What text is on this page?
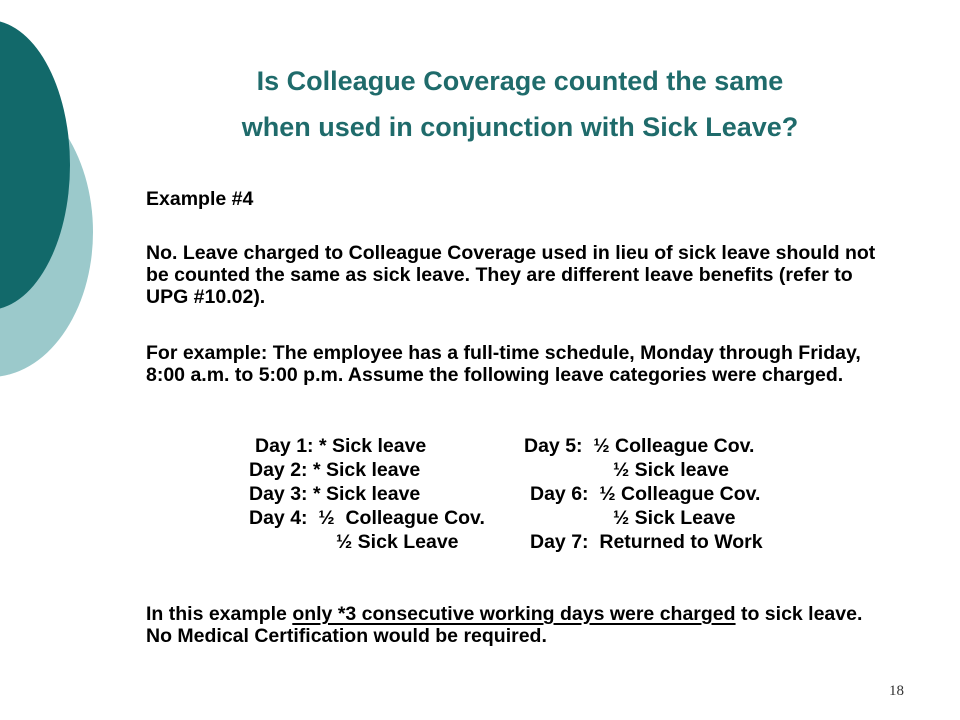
Is Colleague Coverage counted the same
when used in conjunction with Sick Leave?
Example #4
No. Leave charged to Colleague Coverage used in lieu of sick leave should not be counted the same as sick leave. They are different leave benefits (refer to UPG #10.02).
For example: The employee has a full-time schedule, Monday through Friday, 8:00 a.m. to 5:00 p.m. Assume the following leave categories were charged.
Day 1: * Sick leave	Day 5:  ½ Colleague Cov.
Day 2: * Sick leave	½ Sick leave
Day 3: * Sick leave	Day 6:  ½ Colleague Cov.
Day 4:  ½  Colleague Cov.	½ Sick Leave
½ Sick Leave	Day 7:  Returned to Work
In this example only *3 consecutive working days were charged to sick leave. No Medical Certification would be required.
18
